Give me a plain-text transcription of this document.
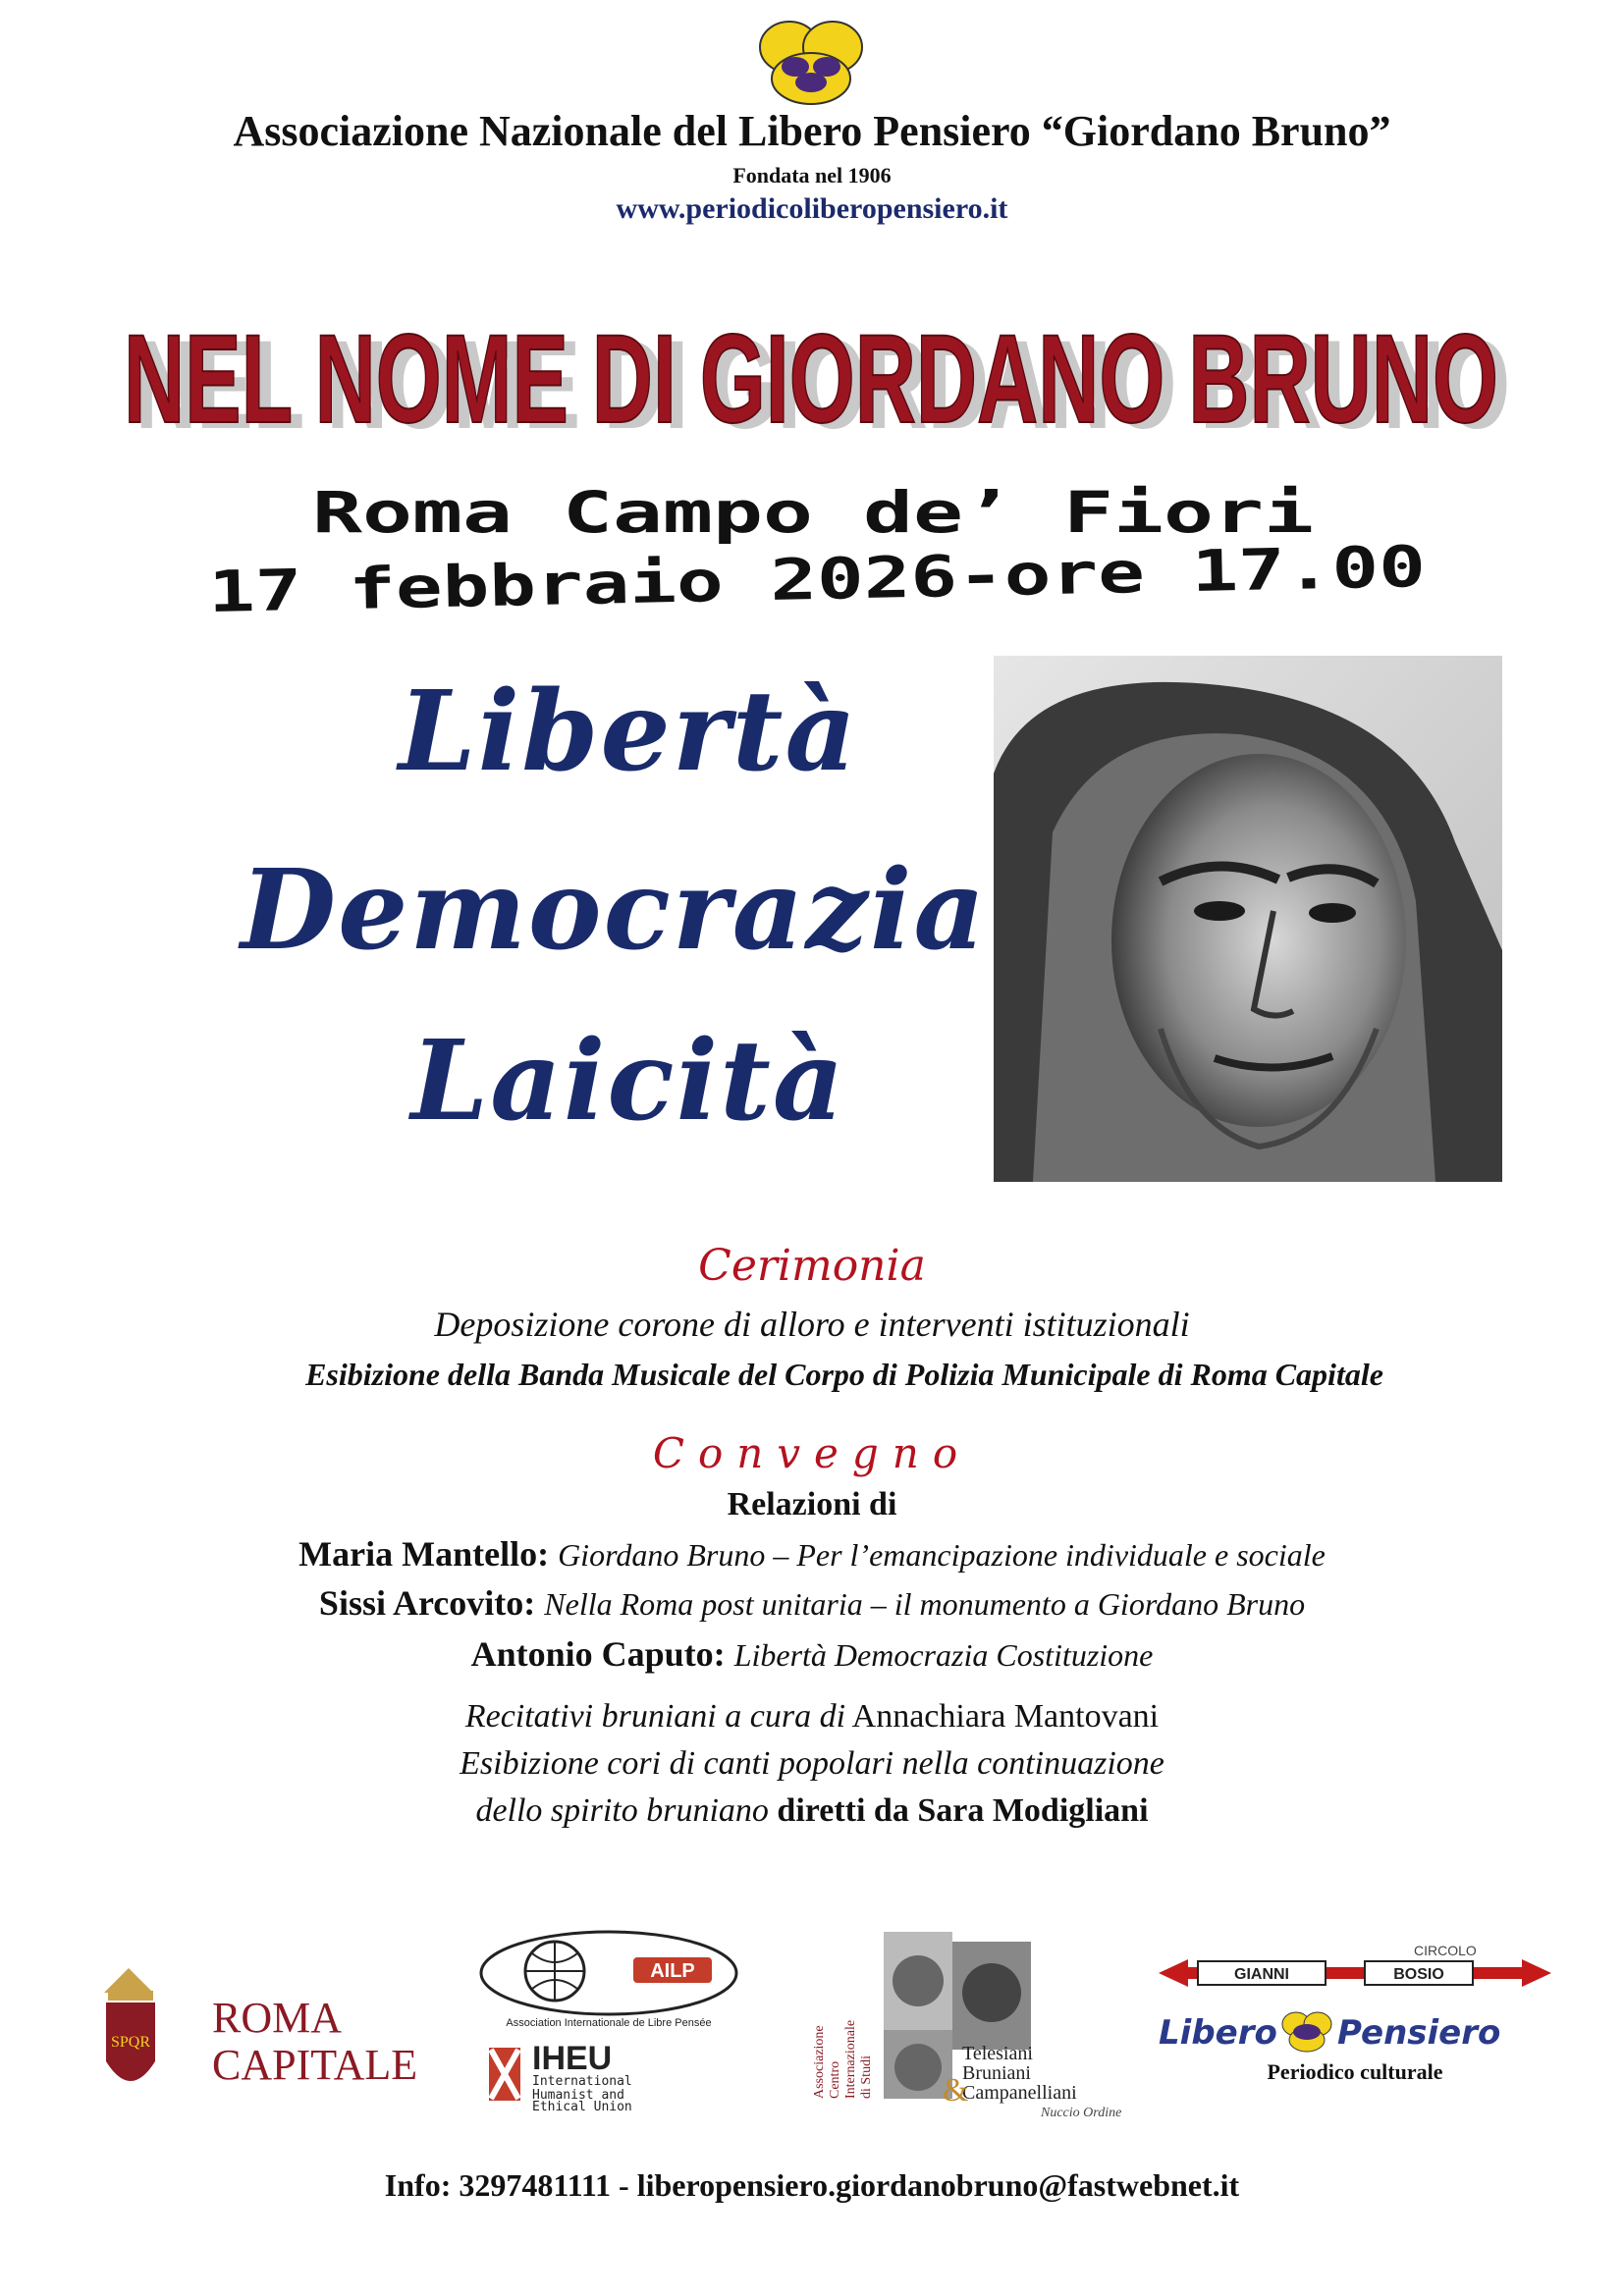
Associazione Nazionale del Libero Pensiero “Giordano Bruno”
Fondata nel 1906
www.periodicoliberopensiero.it
NEL NOME DI GIORDANO BRUNO
NEL NOME DI GIORDANO BRUNO
Roma Campo de’ Fiori
17 febbraio 2026-ore 17.00
Libertà
Democrazia
Laicità
Cerimonia
Deposizione corone di alloro e interventi istituzionali
Esibizione della Banda Musicale del Corpo di Polizia Municipale di Roma Capitale
Convegno
Relazioni di
Maria Mantello: Giordano Bruno – Per l’emancipazione individuale e sociale
Sissi Arcovito: Nella Roma post unitaria – il monumento a Giordano Bruno
Antonio Caputo: Libertà Democrazia Costituzione
Recitativi bruniani a cura di Annachiara Mantovani
Esibizione cori di canti popolari nella continuazione
dello spirito bruniano diretti da Sara Modigliani
SPQR
ROMA
CAPITALE
AILP
Association Internationale de Libre Pensée
IHEU
International
Humanist and
Ethical Union
Associazione Centro Internazionale di Studi
Telesiani
Bruniani
Campanelliani
&
Nuccio Ordine
CIRCOLO
GIANNI	BOSIO
Libero Pensiero
Periodico culturale
Info: 3297481111 - liberopensiero.giordanobruno@fastwebnet.it
